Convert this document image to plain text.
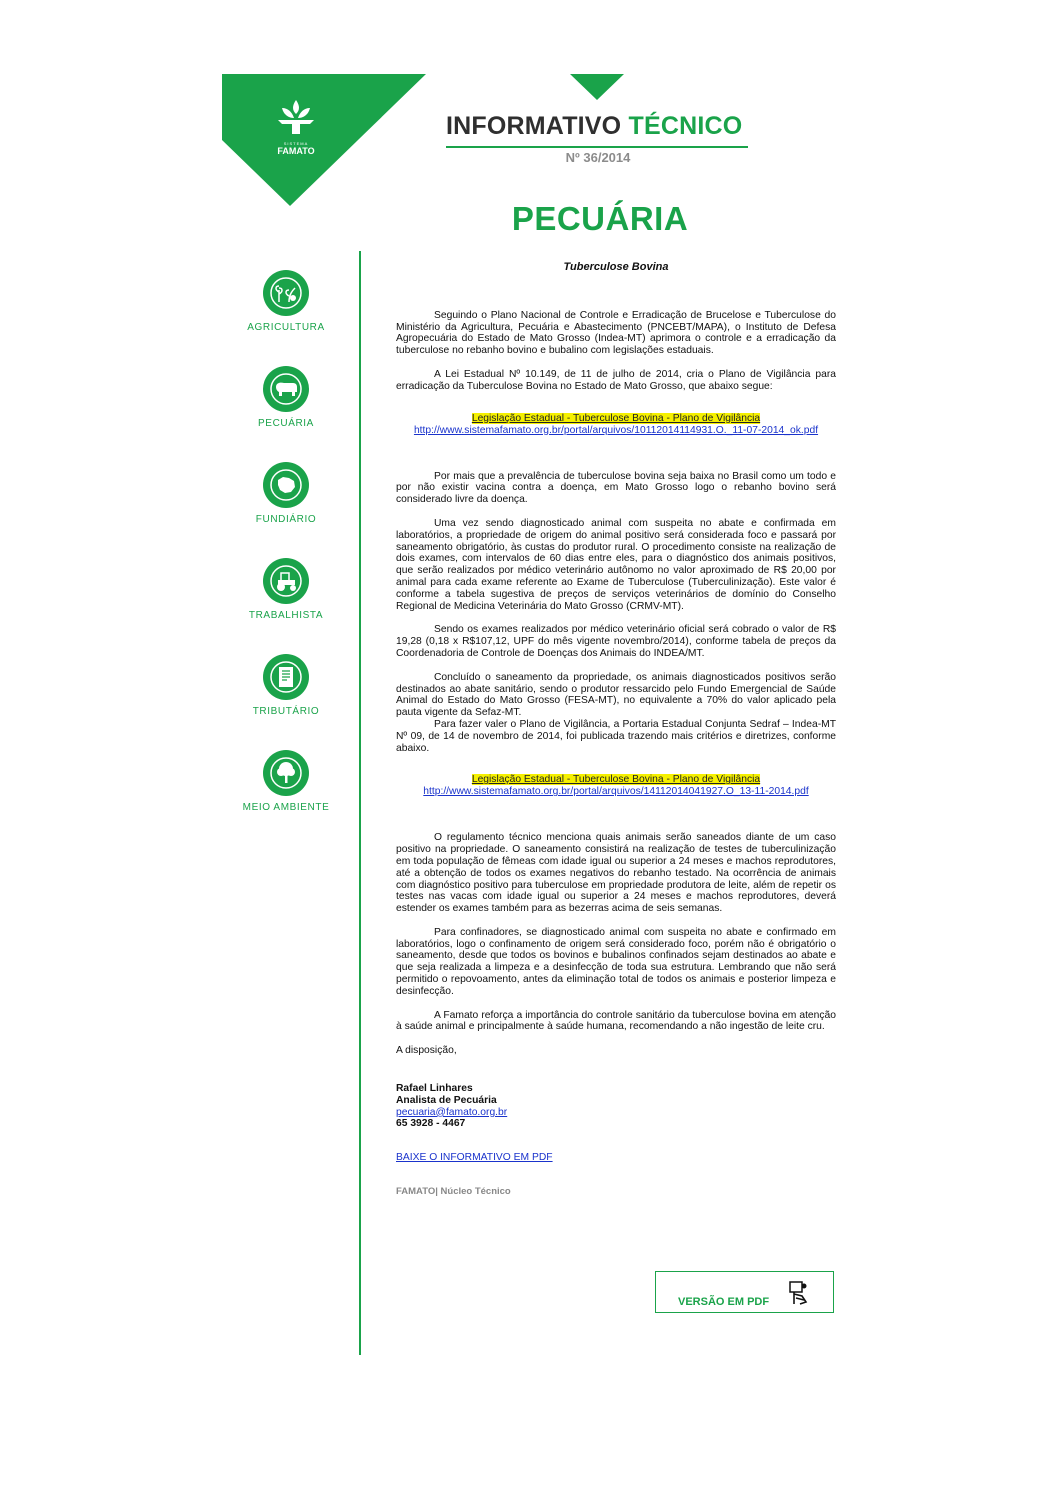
SISTEMA
FAMATO
INFORMATIVO TÉCNICO
Nº 36/2014
PECUÁRIA
AGRICULTURA
PECUÁRIA
FUNDIÁRIO
TRABALHISTA
TRIBUTÁRIO
MEIO AMBIENTE
Tuberculose Bovina

Seguindo o Plano Nacional de Controle e Erradicação de Brucelose e Tuberculose do Ministério da Agricultura, Pecuária e Abastecimento (PNCEBT/MAPA), o Instituto de Defesa Agropecuária do Estado de Mato Grosso (Indea-MT) aprimora o controle e a erradicação da tuberculose no rebanho bovino e bubalino com legislações estaduais.

A Lei Estadual Nº 10.149, de 11 de julho de 2014, cria o Plano de Vigilância para erradicação da Tuberculose Bovina no Estado de Mato Grosso, que abaixo segue:

Legislação Estadual - Tuberculose Bovina - Plano de Vigilância
http://www.sistemafamato.org.br/portal/arquivos/10112014114931.O._11-07-2014_ok.pdf

Por mais que a prevalência de tuberculose bovina seja baixa no Brasil como um todo e por não existir vacina contra a doença, em Mato Grosso logo o rebanho bovino será considerado livre da doença.

Uma vez sendo diagnosticado animal com suspeita no abate e confirmada em laboratórios, a propriedade de origem do animal positivo será considerada foco e passará por saneamento obrigatório, às custas do produtor rural. O procedimento consiste na realização de dois exames, com intervalos de 60 dias entre eles, para o diagnóstico dos animais positivos, que serão realizados por médico veterinário autônomo no valor aproximado de R$ 20,00 por animal para cada exame referente ao Exame de Tuberculose (Tuberculinização). Este valor é conforme a tabela sugestiva de preços de serviços veterinários de domínio do Conselho Regional de Medicina Veterinária do Mato Grosso (CRMV-MT).

Sendo os exames realizados por médico veterinário oficial será cobrado o valor de R$ 19,28 (0,18 x R$107,12, UPF do mês vigente novembro/2014), conforme tabela de preços da Coordenadoria de Controle de Doenças dos Animais do INDEA/MT.

Concluído o saneamento da propriedade, os animais diagnosticados positivos serão destinados ao abate sanitário, sendo o produtor ressarcido pelo Fundo Emergencial de Saúde Animal do Estado do Mato Grosso (FESA-MT), no equivalente a 70% do valor aplicado pela pauta vigente da Sefaz-MT.

Para fazer valer o Plano de Vigilância, a Portaria Estadual Conjunta Sedraf – Indea-MT Nº 09, de 14 de novembro de 2014, foi publicada trazendo mais critérios e diretrizes, conforme abaixo.

Legislação Estadual - Tuberculose Bovina - Plano de Vigilância
http://www.sistemafamato.org.br/portal/arquivos/14112014041927.O_13-11-2014.pdf

O regulamento técnico menciona quais animais serão saneados diante de um caso positivo na propriedade. O saneamento consistirá na realização de testes de tuberculinização em toda população de fêmeas com idade igual ou superior a 24 meses e machos reprodutores, até a obtenção de todos os exames negativos do rebanho testado. Na ocorrência de animais com diagnóstico positivo para tuberculose em propriedade produtora de leite, além de repetir os testes nas vacas com idade igual ou superior a 24 meses e machos reprodutores, deverá estender os exames também para as bezerras acima de seis semanas.

Para confinadores, se diagnosticado animal com suspeita no abate e confirmado em laboratórios, logo o confinamento de origem será considerado foco, porém não é obrigatório o saneamento, desde que todos os bovinos e bubalinos confinados sejam destinados ao abate e que seja realizada a limpeza e a desinfecção de toda sua estrutura. Lembrando que não será permitido o repovoamento, antes da eliminação total de todos os animais e posterior limpeza e desinfecção.

A Famato reforça a importância do controle sanitário da tuberculose bovina em atenção à saúde animal e principalmente à saúde humana, recomendando a não ingestão de leite cru.

A disposição,

Rafael Linhares
Analista de Pecuária
pecuaria@famato.org.br
65 3928 - 4467
BAIXE O INFORMATIVO EM PDF
FAMATO| Núcleo Técnico
VERSÃO EM PDF
